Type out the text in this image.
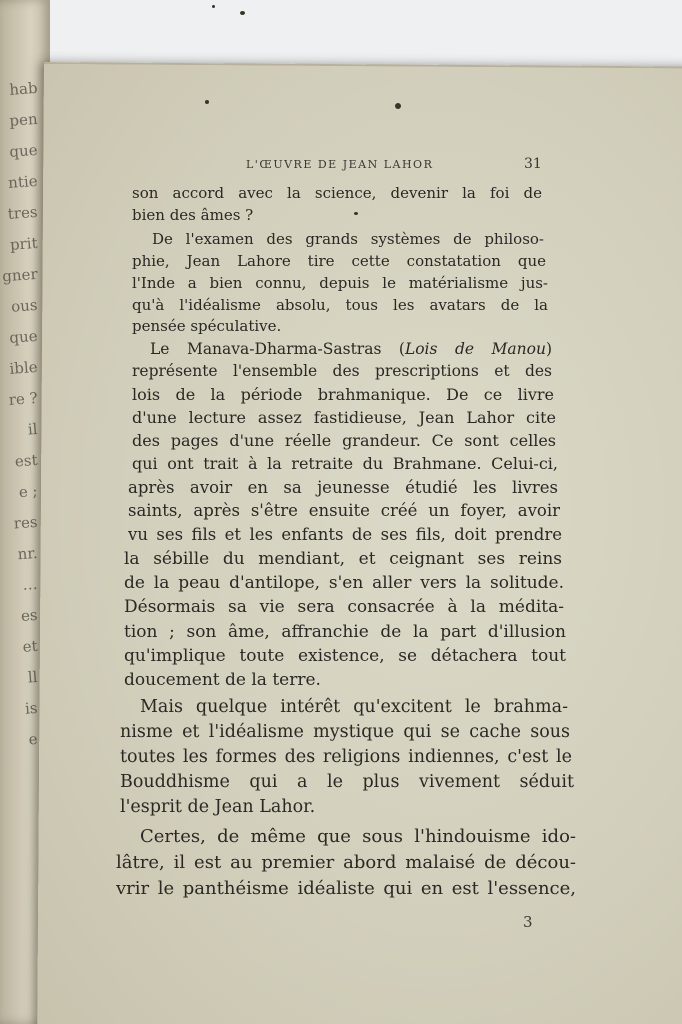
hab
pen
que
ntie
tres
prit
gner
ous
que
ible
re ?
il
est
e ;
res
nr.
…
es
et
ll
is
e
L'ŒUVRE DE JEAN LAHOR	31
son accord avec la science, devenir la foi de
bien des âmes ?
De l'examen des grands systèmes de philoso-
phie, Jean Lahore tire cette constatation que
l'Inde a bien connu, depuis le matérialisme jus-
qu'à l'idéalisme absolu, tous les avatars de la
pensée spéculative.
Le Manava-Dharma-Sastras (Lois de Manou)
représente l'ensemble des prescriptions et des
lois de la période brahmanique. De ce livre
d'une lecture assez fastidieuse, Jean Lahor cite
des pages d'une réelle grandeur. Ce sont celles
qui ont trait à la retraite du Brahmane. Celui-ci,
après avoir en sa jeunesse étudié les livres
saints, après s'être ensuite créé un foyer, avoir
vu ses fils et les enfants de ses fils, doit prendre
la sébille du mendiant, et ceignant ses reins
de la peau d'antilope, s'en aller vers la solitude.
Désormais sa vie sera consacrée à la médita-
tion ; son âme, affranchie de la part d'illusion
qu'implique toute existence, se détachera tout
doucement de la terre.
Mais quelque intérêt qu'excitent le brahma-
nisme et l'idéalisme mystique qui se cache sous
toutes les formes des religions indiennes, c'est le
Bouddhisme qui a le plus vivement séduit
l'esprit de Jean Lahor.
Certes, de même que sous l'hindouisme ido-
lâtre, il est au premier abord malaisé de décou-
vrir le panthéisme idéaliste qui en est l'essence,
3
